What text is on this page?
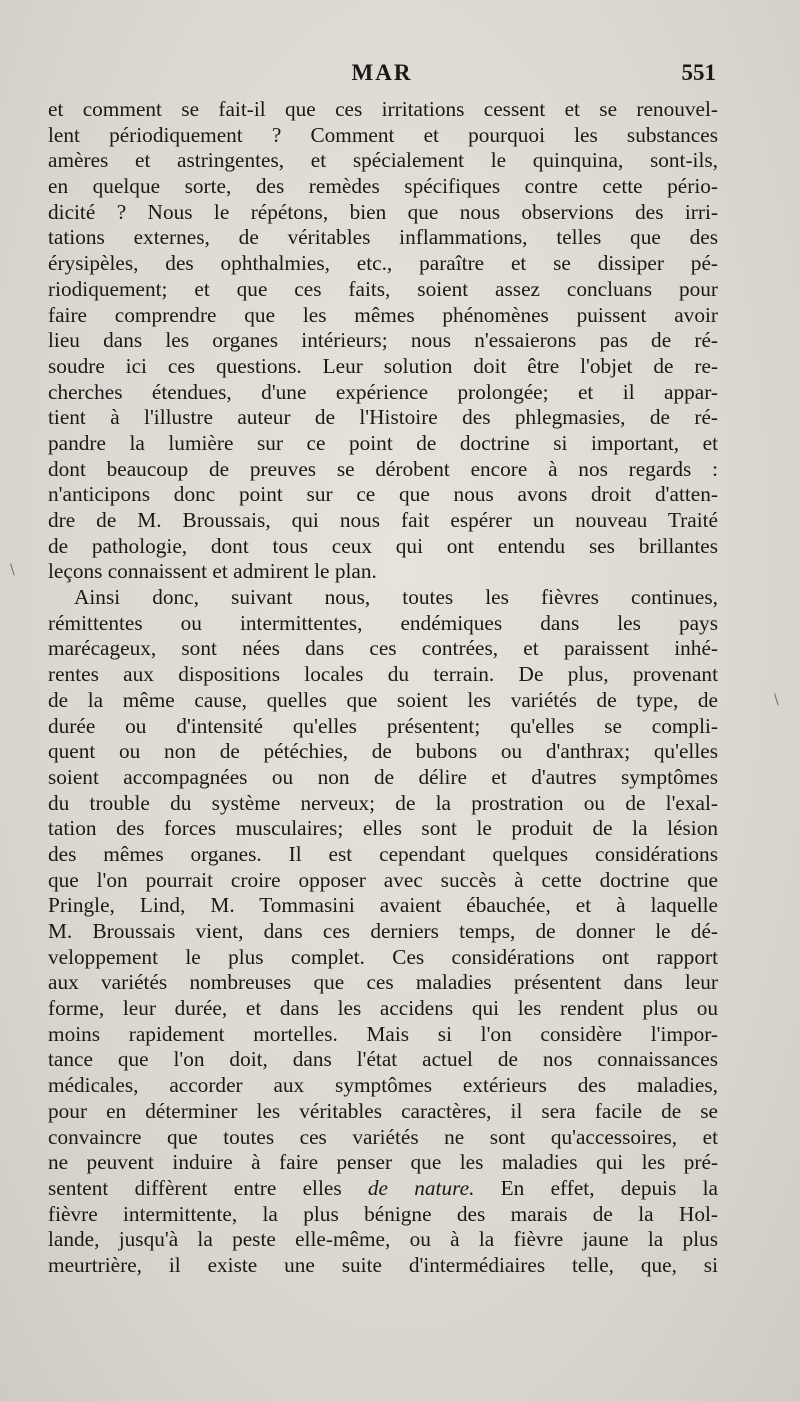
MAR	551
et comment se fait-il que ces irritations cessent et se renouvel-
lent périodiquement ? Comment et pourquoi les substances
amères et astringentes, et spécialement le quinquina, sont-ils,
en quelque sorte, des remèdes spécifiques contre cette pério-
dicité ? Nous le répétons, bien que nous observions des irri-
tations externes, de véritables inflammations, telles que des
érysipèles, des ophthalmies, etc., paraître et se dissiper pé-
riodiquement; et que ces faits, soient assez concluans pour
faire comprendre que les mêmes phénomènes puissent avoir
lieu dans les organes intérieurs; nous n'essaierons pas de ré-
soudre ici ces questions. Leur solution doit être l'objet de re-
cherches étendues, d'une expérience prolongée; et il appar-
tient à l'illustre auteur de l'Histoire des phlegmasies, de ré-
pandre la lumière sur ce point de doctrine si important, et
dont beaucoup de preuves se dérobent encore à nos regards :
n'anticipons donc point sur ce que nous avons droit d'atten-
dre de M. Broussais, qui nous fait espérer un nouveau Traité
de pathologie, dont tous ceux qui ont entendu ses brillantes
leçons connaissent et admirent le plan.
Ainsi donc, suivant nous, toutes les fièvres continues,
rémittentes ou intermittentes, endémiques dans les pays
marécageux, sont nées dans ces contrées, et paraissent inhé-
rentes aux dispositions locales du terrain. De plus, provenant
de la même cause, quelles que soient les variétés de type, de
durée ou d'intensité qu'elles présentent; qu'elles se compli-
quent ou non de pétéchies, de bubons ou d'anthrax; qu'elles
soient accompagnées ou non de délire et d'autres symptômes
du trouble du système nerveux; de la prostration ou de l'exal-
tation des forces musculaires; elles sont le produit de la lésion
des mêmes organes. Il est cependant quelques considérations
que l'on pourrait croire opposer avec succès à cette doctrine que
Pringle, Lind, M. Tommasini avaient ébauchée, et à laquelle
M. Broussais vient, dans ces derniers temps, de donner le dé-
veloppement le plus complet. Ces considérations ont rapport
aux variétés nombreuses que ces maladies présentent dans leur
forme, leur durée, et dans les accidens qui les rendent plus ou
moins rapidement mortelles. Mais si l'on considère l'impor-
tance que l'on doit, dans l'état actuel de nos connaissances
médicales, accorder aux symptômes extérieurs des maladies,
pour en déterminer les véritables caractères, il sera facile de se
convaincre que toutes ces variétés ne sont qu'accessoires, et
ne peuvent induire à faire penser que les maladies qui les pré-
sentent diffèrent entre elles de nature. En effet, depuis la
fièvre intermittente, la plus bénigne des marais de la Hol-
lande, jusqu'à la peste elle-même, ou à la fièvre jaune la plus
meurtrière, il existe une suite d'intermédiaires telle, que, si
\
\
